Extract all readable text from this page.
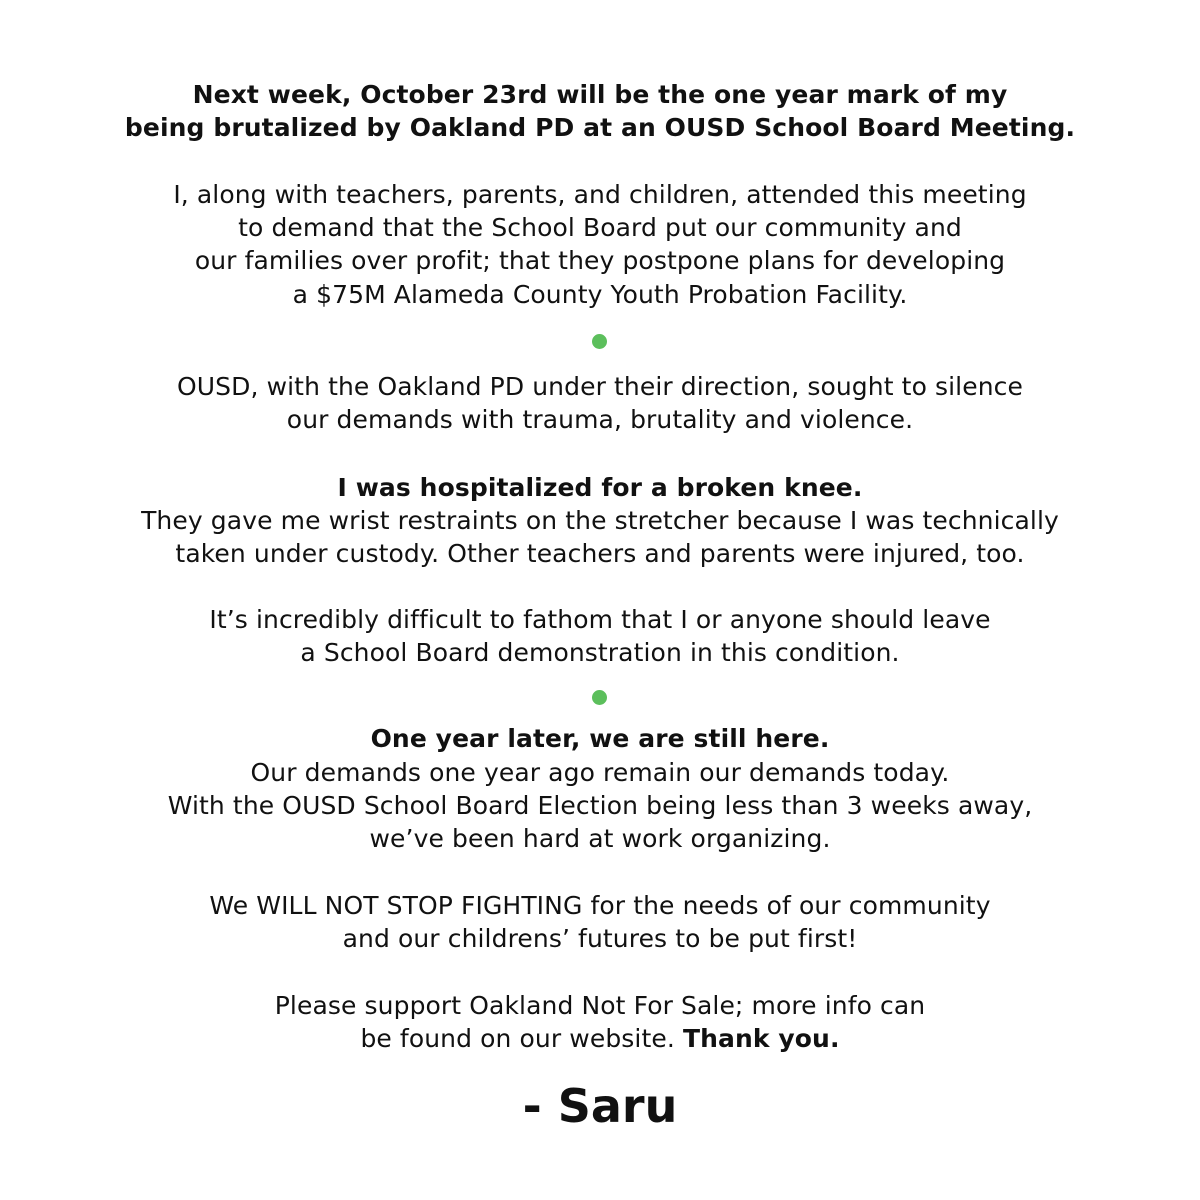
Next week, October 23rd will be the one year mark of my
being brutalized by Oakland PD at an OUSD School Board Meeting.
I, along with teachers, parents, and children, attended this meeting
to demand that the School Board put our community and
our families over profit; that they postpone plans for developing
a $75M Alameda County Youth Probation Facility.
OUSD, with the Oakland PD under their direction, sought to silence
our demands with trauma, brutality and violence.
I was hospitalized for a broken knee.
They gave me wrist restraints on the stretcher because I was technically
taken under custody. Other teachers and parents were injured, too.
It’s incredibly difficult to fathom that I or anyone should leave
a School Board demonstration in this condition.
One year later, we are still here.
Our demands one year ago remain our demands today.
With the OUSD School Board Election being less than 3 weeks away,
we’ve been hard at work organizing.
We WILL NOT STOP FIGHTING for the needs of our community
and our childrens’ futures to be put first!
Please support Oakland Not For Sale; more info can
be found on our website. Thank you.
- Saru
